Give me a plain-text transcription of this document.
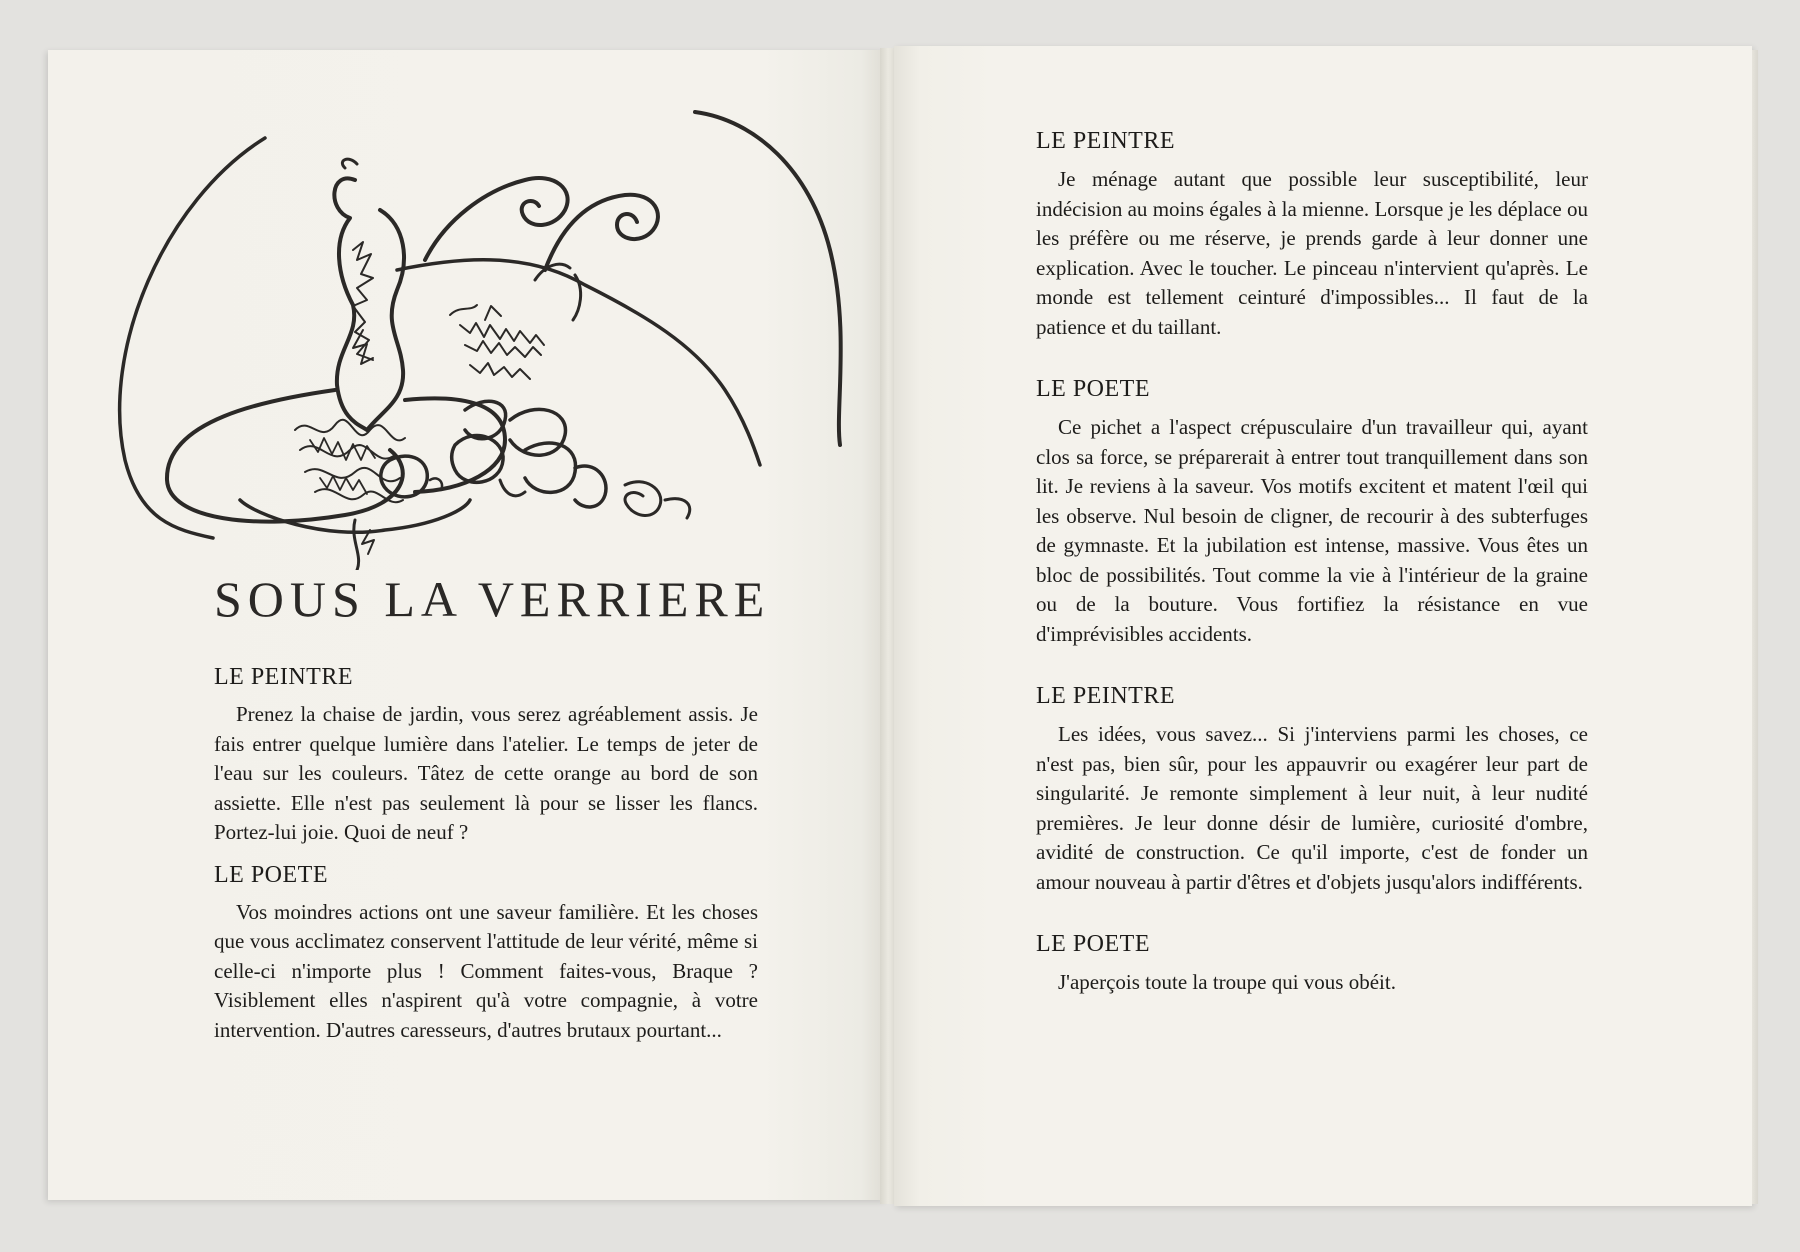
SOUS LA VERRIERE

LE PEINTRE

Prenez la chaise de jardin, vous serez agréablement assis. Je fais entrer quelque lumière dans l'atelier. Le temps de jeter de l'eau sur les couleurs. Tâtez de cette orange au bord de son assiette. Elle n'est pas seulement là pour se lisser les flancs. Portez-lui joie. Quoi de neuf ?

LE POETE

Vos moindres actions ont une saveur familière. Et les choses que vous acclimatez conservent l'attitude de leur vérité, même si celle-ci n'importe plus ! Comment faites-vous, Braque ? Visiblement elles n'aspirent qu'à votre compagnie, à votre intervention. D'autres caresseurs, d'autres brutaux pourtant...

LE PEINTRE

Je ménage autant que possible leur susceptibilité, leur indécision au moins égales à la mienne. Lorsque je les déplace ou les préfère ou me réserve, je prends garde à leur donner une explication. Avec le toucher. Le pinceau n'intervient qu'après. Le monde est tellement ceinturé d'impossibles... Il faut de la patience et du taillant.

LE POETE

Ce pichet a l'aspect crépusculaire d'un travailleur qui, ayant clos sa force, se préparerait à entrer tout tranquillement dans son lit. Je reviens à la saveur. Vos motifs excitent et matent l'œil qui les observe. Nul besoin de cligner, de recourir à des subterfuges de gymnaste. Et la jubilation est intense, massive. Vous êtes un bloc de possibilités. Tout comme la vie à l'intérieur de la graine ou de la bouture. Vous fortifiez la résistance en vue d'imprévisibles accidents.

LE PEINTRE

Les idées, vous savez... Si j'interviens parmi les choses, ce n'est pas, bien sûr, pour les appauvrir ou exagérer leur part de singularité. Je remonte simplement à leur nuit, à leur nudité premières. Je leur donne désir de lumière, curiosité d'ombre, avidité de construction. Ce qu'il importe, c'est de fonder un amour nouveau à partir d'êtres et d'objets jusqu'alors indifférents.

LE POETE

J'aperçois toute la troupe qui vous obéit.
